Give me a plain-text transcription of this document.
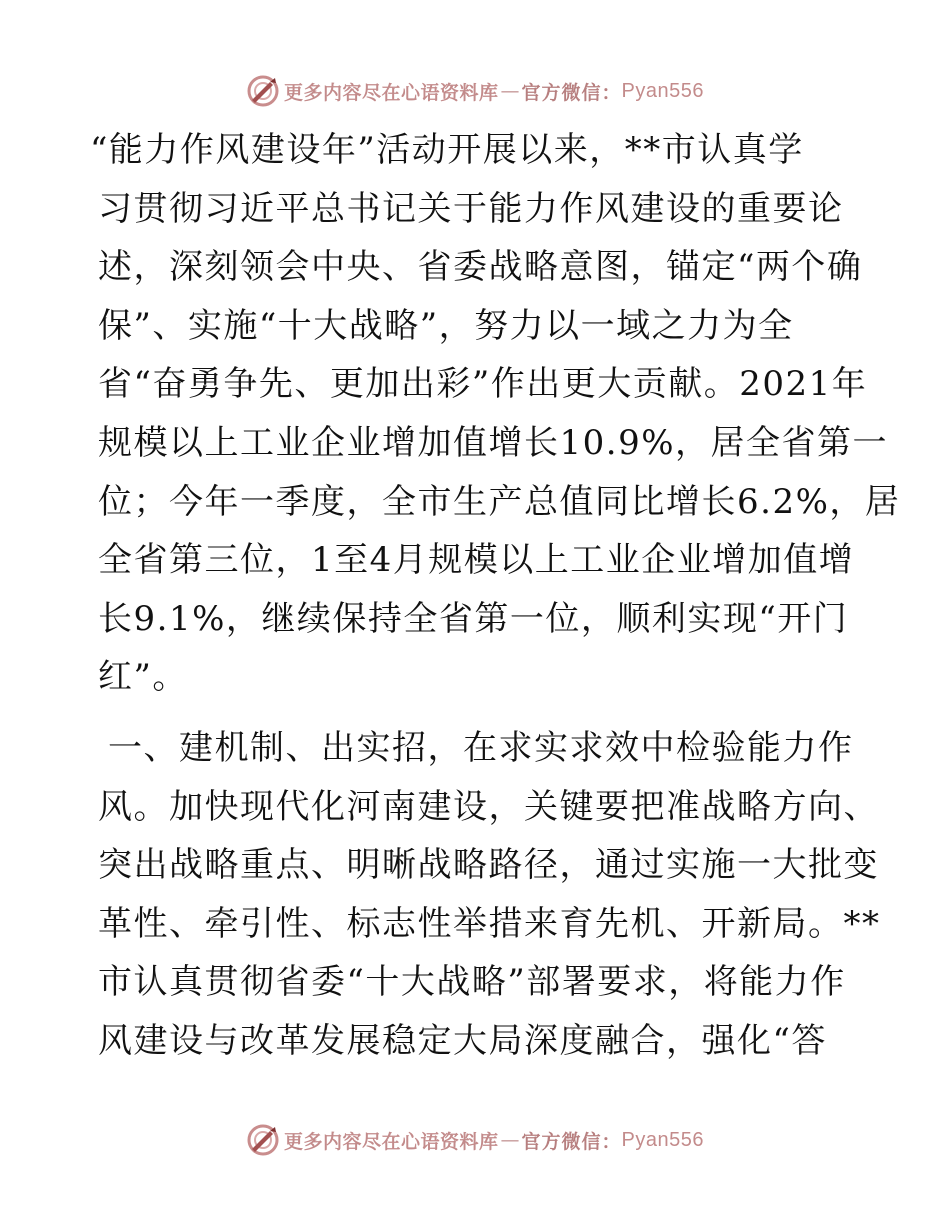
更多内容尽在心语资料库 — 官方微信： Pyan556
“能力作风建设年”活动开展以来，**市认真学
习贯彻习近平总书记关于能力作风建设的重要论
述，深刻领会中央、省委战略意图，锚定“两个确
保”、实施“十大战略”，努力以一域之力为全
省“奋勇争先、更加出彩”作出更大贡献。2021年
规模以上工业企业增加值增长10.9%，居全省第一
位；今年一季度，全市生产总值同比增长6.2%，居
全省第三位，1至4月规模以上工业企业增加值增
长9.1%，继续保持全省第一位，顺利实现“开门
红”。
一、建机制、出实招，在求实求效中检验能力作
风。加快现代化河南建设，关键要把准战略方向、
突出战略重点、明晰战略路径，通过实施一大批变
革性、牵引性、标志性举措来育先机、开新局。**
市认真贯彻省委“十大战略”部署要求，将能力作
风建设与改革发展稳定大局深度融合，强化“答
更多内容尽在心语资料库 — 官方微信： Pyan556
